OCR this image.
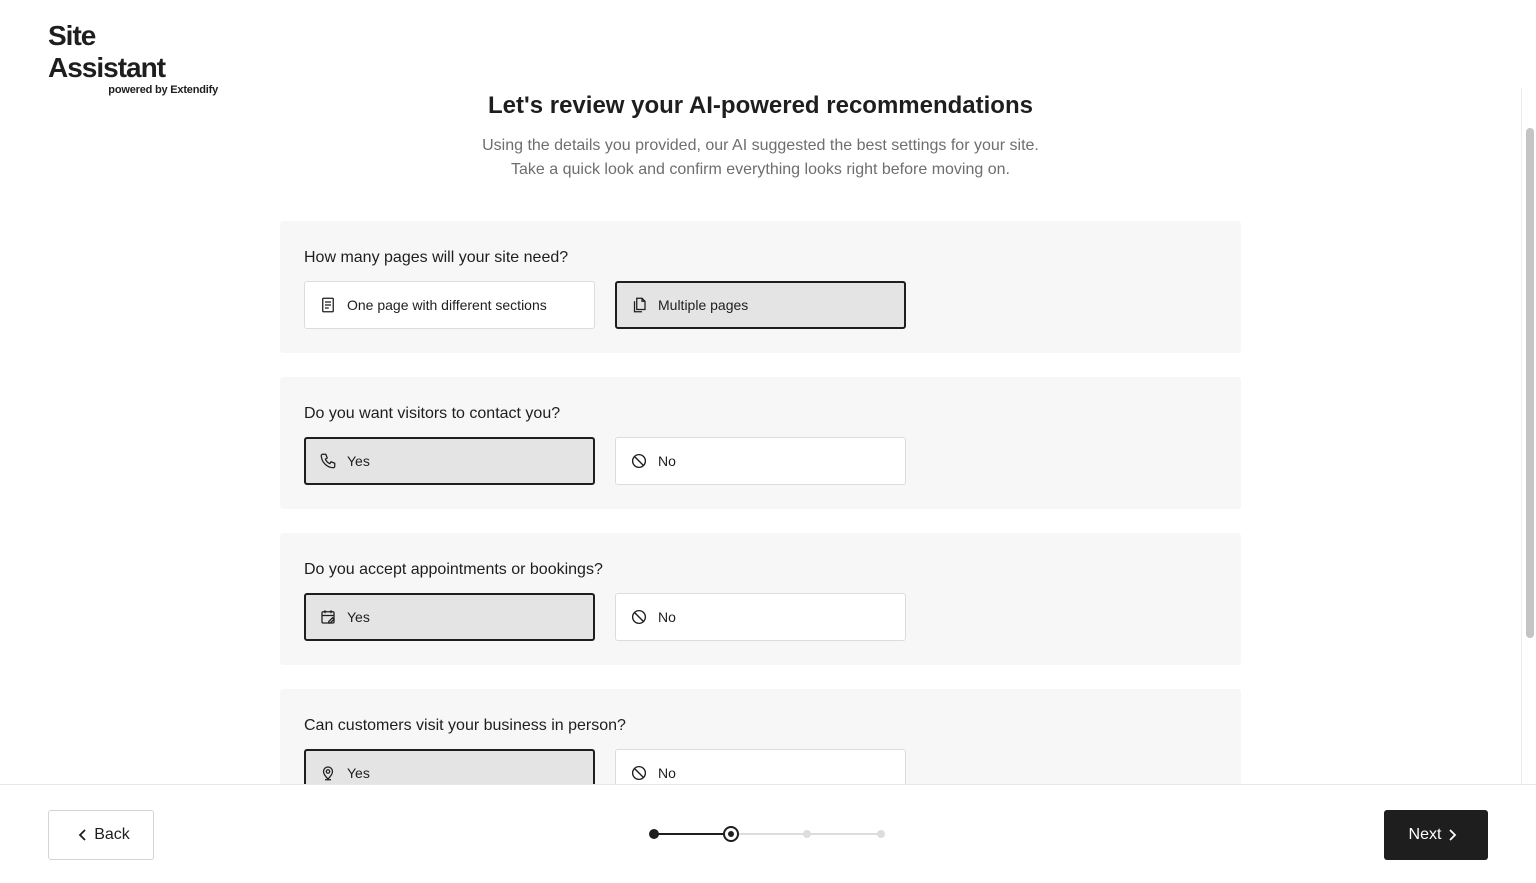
Site Assistant
powered by Extendify
Let's review your AI-powered recommendations
Using the details you provided, our AI suggested the best settings for your site.
Take a quick look and confirm everything looks right before moving on.
How many pages will your site need?
One page with different sections	Multiple pages
Do you want visitors to contact you?
Yes	No
Do you accept appointments or bookings?
Yes	No
Can customers visit your business in person?
Yes	No
Back	Next
